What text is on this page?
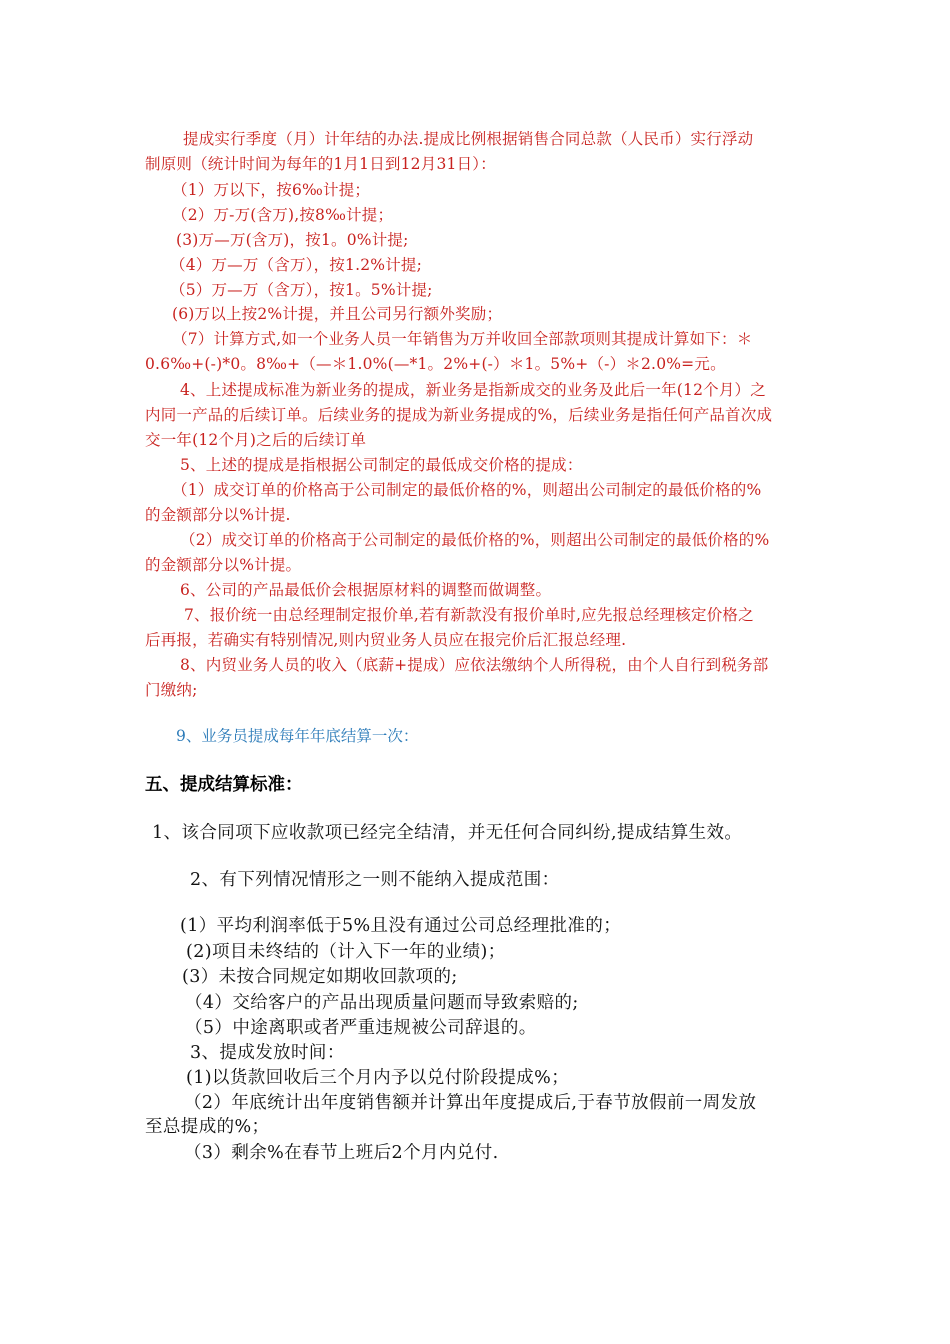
提成实行季度（月）计年结的办法.提成比例根据销售合同总款（人民币）实行浮动

制原则（统计时间为每年的1月1日到12月31日）：

（1）万以下，按6‰计提；

（2）万-万(含万),按8‰计提；

(3)万—万(含万)，按1。0%计提;

（4）万—万（含万），按1.2%计提;

（5）万—万（含万），按1。5%计提;

(6)万以上按2%计提，并且公司另行额外奖励；

（7）计算方式,如一个业务人员一年销售为万并收回全部款项则其提成计算如下：＊

0.6‰+(-)*0。8‰+（—＊1.0%(—*1。2%+(-）＊1。5%+（-）＊2.0%=元。

4、上述提成标准为新业务的提成，新业务是指新成交的业务及此后一年(12个月）之

内同一产品的后续订单。后续业务的提成为新业务提成的%，后续业务是指任何产品首次成

交一年(12个月)之后的后续订单

5、上述的提成是指根据公司制定的最低成交价格的提成：

（1）成交订单的价格高于公司制定的最低价格的%，则超出公司制定的最低价格的%

的金额部分以%计提.

（2）成交订单的价格高于公司制定的最低价格的%，则超出公司制定的最低价格的%

的金额部分以%计提。

6、公司的产品最低价会根据原材料的调整而做调整。

7、报价统一由总经理制定报价单,若有新款没有报价单时,应先报总经理核定价格之

后再报，若确实有特别情况,则内贸业务人员应在报完价后汇报总经理.

8、内贸业务人员的收入（底薪+提成）应依法缴纳个人所得税，由个人自行到税务部

门缴纳;

9、业务员提成每年年底结算一次：

五、提成结算标准：

1、该合同项下应收款项已经完全结清，并无任何合同纠纷,提成结算生效。

2、有下列情况情形之一则不能纳入提成范围：

(1）平均利润率低于5%且没有通过公司总经理批准的；

(2)项目未终结的（计入下一年的业绩)；

(3）未按合同规定如期收回款项的;

（4）交给客户的产品出现质量问题而导致索赔的;

（5）中途离职或者严重违规被公司辞退的。

3、提成发放时间：

(1)以货款回收后三个月内予以兑付阶段提成%；

（2）年底统计出年度销售额并计算出年度提成后,于春节放假前一周发放

至总提成的%；

（3）剩余%在春节上班后2个月内兑付.
